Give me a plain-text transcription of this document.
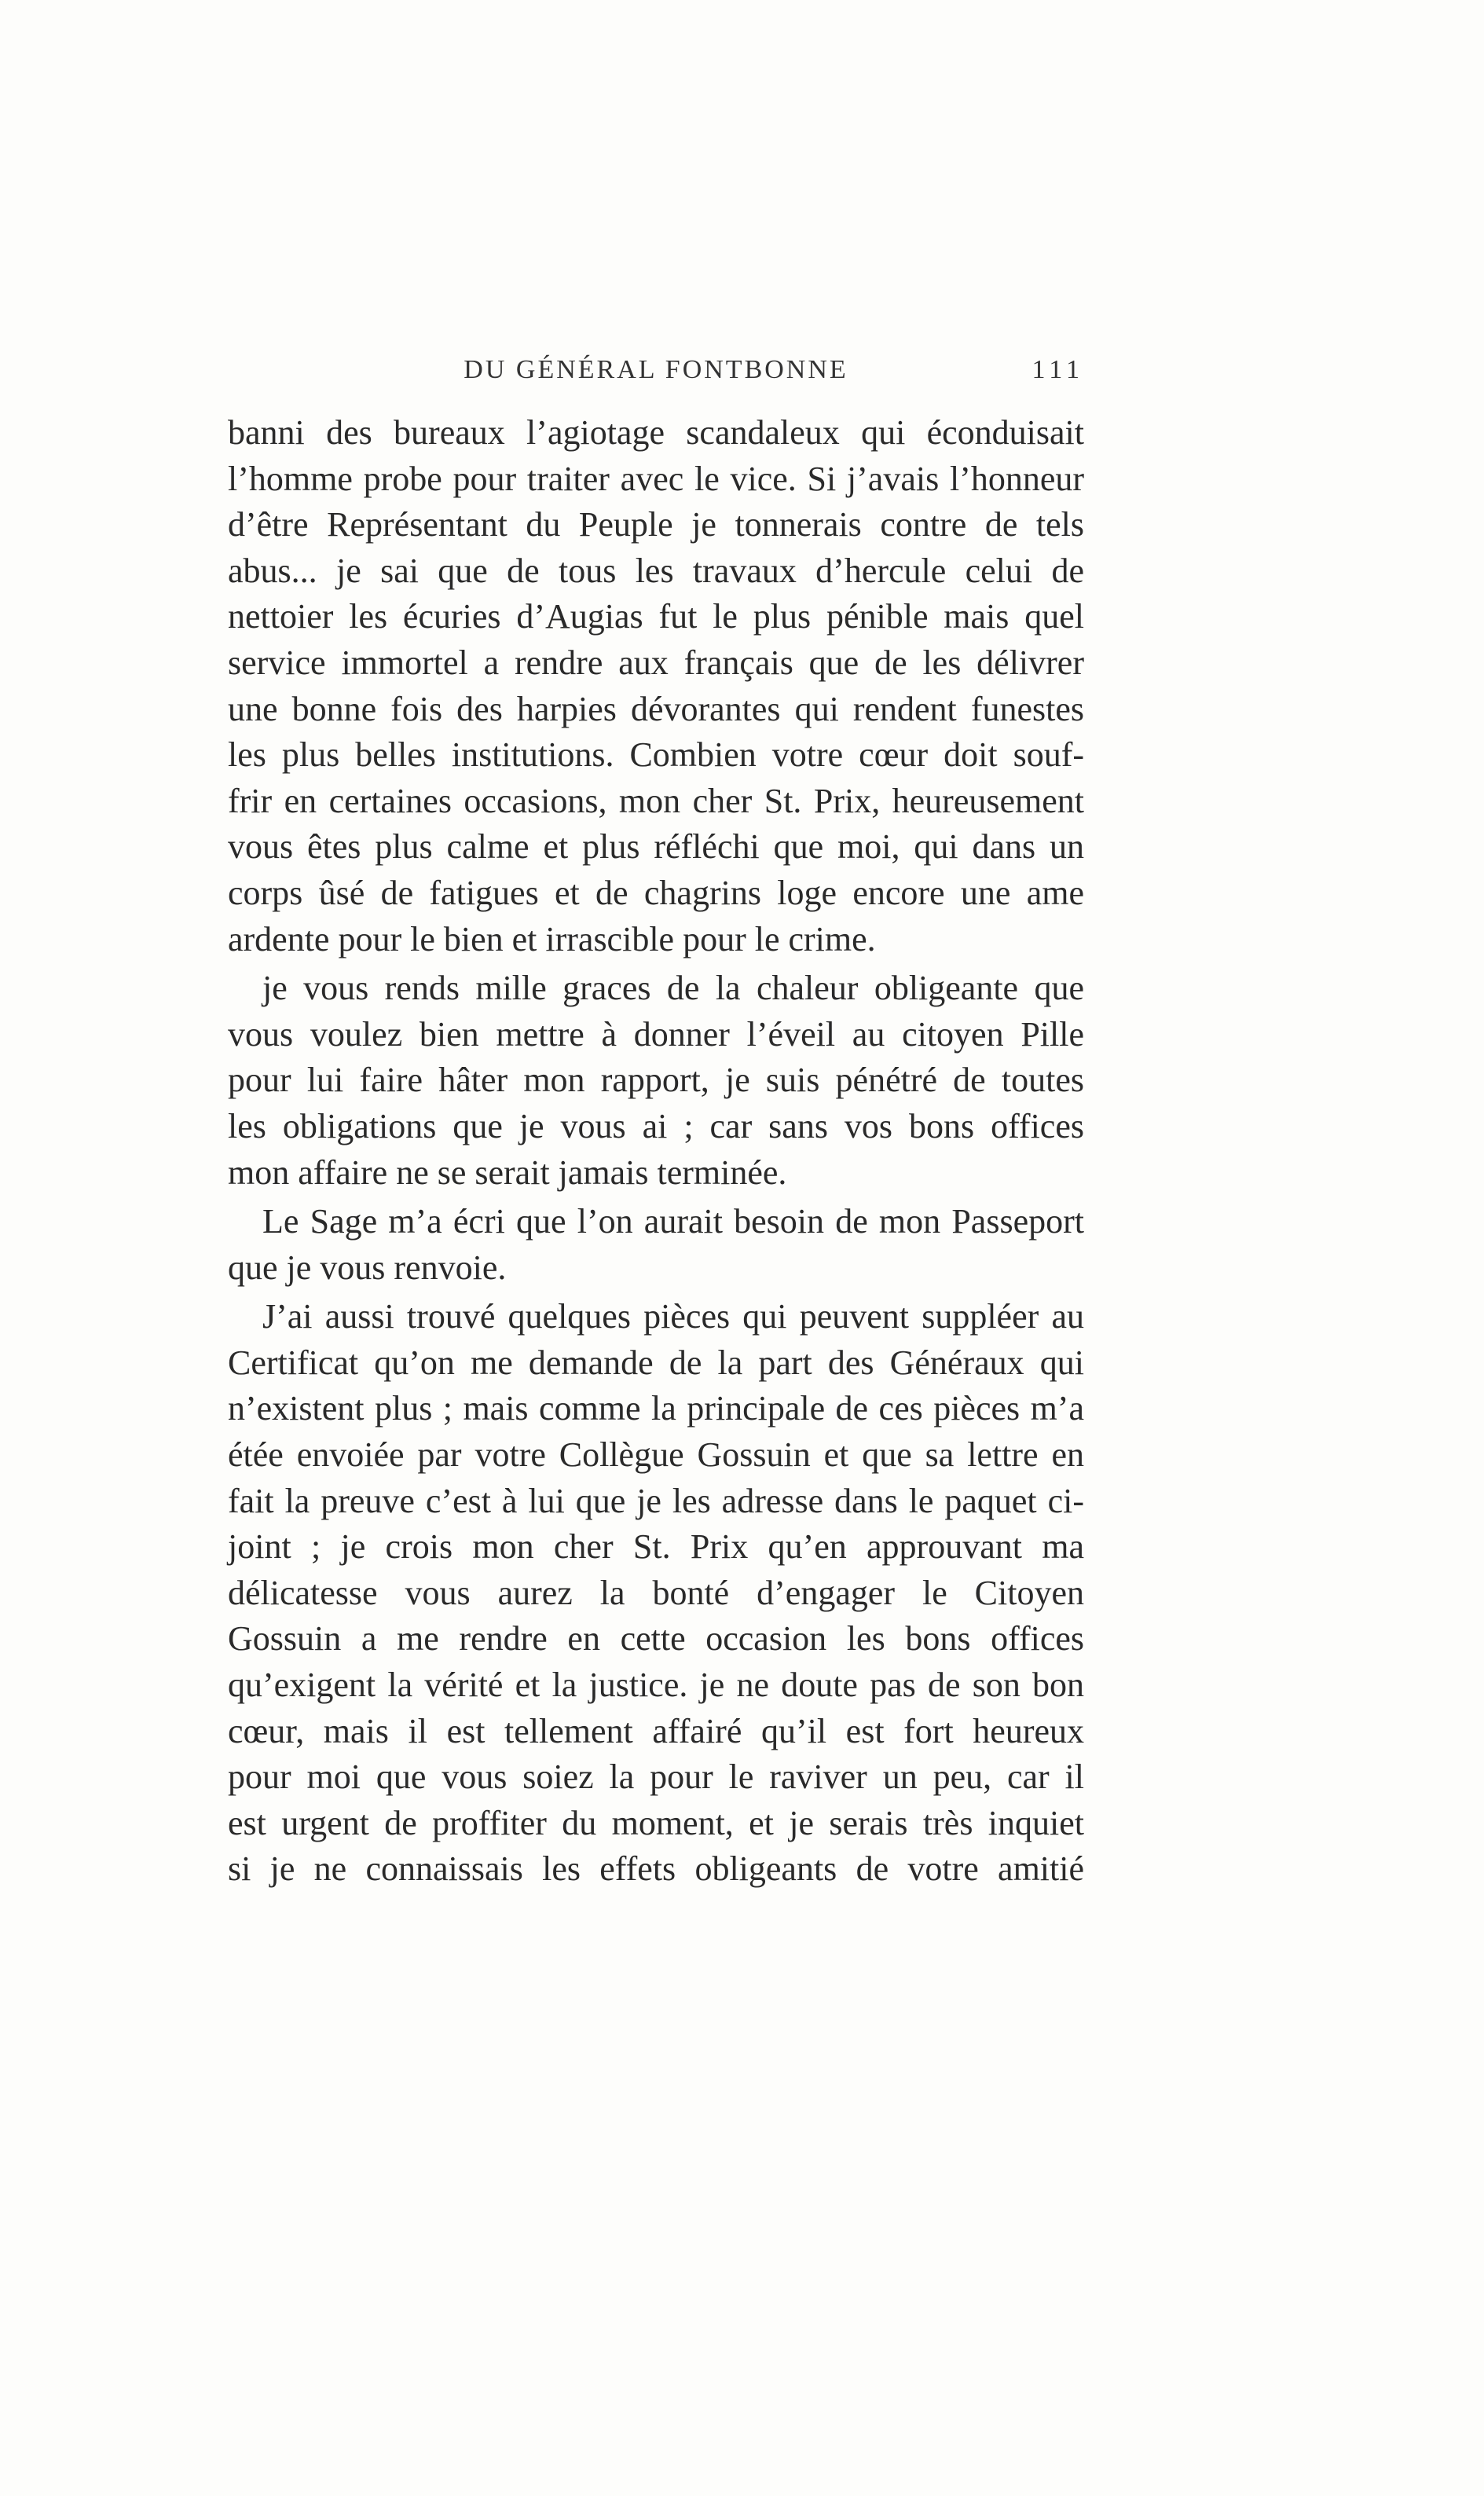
DU GÉNÉRAL FONTBONNE	111

banni des bureaux l’agiotage scandaleux qui éconduisait
l’homme probe pour traiter avec le vice. Si j’avais l’honneur
d’être Représentant du Peuple je tonnerais contre de tels
abus... je sai que de tous les travaux d’hercule celui de
nettoier les écuries d’Augias fut le plus pénible mais quel
service immortel a rendre aux français que de les délivrer
une bonne fois des harpies dévorantes qui rendent funestes
les plus belles institutions. Combien votre cœur doit souf-
frir en certaines occasions, mon cher St. Prix, heureusement
vous êtes plus calme et plus réfléchi que moi, qui dans un
corps ûsé de fatigues et de chagrins loge encore une ame
ardente pour le bien et irrascible pour le crime.

je vous rends mille graces de la chaleur obligeante que
vous voulez bien mettre à donner l’éveil au citoyen Pille
pour lui faire hâter mon rapport, je suis pénétré de toutes
les obligations que je vous ai ; car sans vos bons offices
mon affaire ne se serait jamais terminée.

Le Sage m’a écri que l’on aurait besoin de mon Passeport
que je vous renvoie.

J’ai aussi trouvé quelques pièces qui peuvent suppléer au
Certificat qu’on me demande de la part des Généraux qui
n’existent plus ; mais comme la principale de ces pièces m’a
étée envoiée par votre Collègue Gossuin et que sa lettre en
fait la preuve c’est à lui que je les adresse dans le paquet ci-
joint ; je crois mon cher St. Prix qu’en approuvant ma
délicatesse vous aurez la bonté d’engager le Citoyen
Gossuin a me rendre en cette occasion les bons offices
qu’exigent la vérité et la justice. je ne doute pas de son bon
cœur, mais il est tellement affairé qu’il est fort heureux
pour moi que vous soiez la pour le raviver un peu, car il
est urgent de proffiter du moment, et je serais très inquiet
si je ne connaissais les effets obligeants de votre amitié
